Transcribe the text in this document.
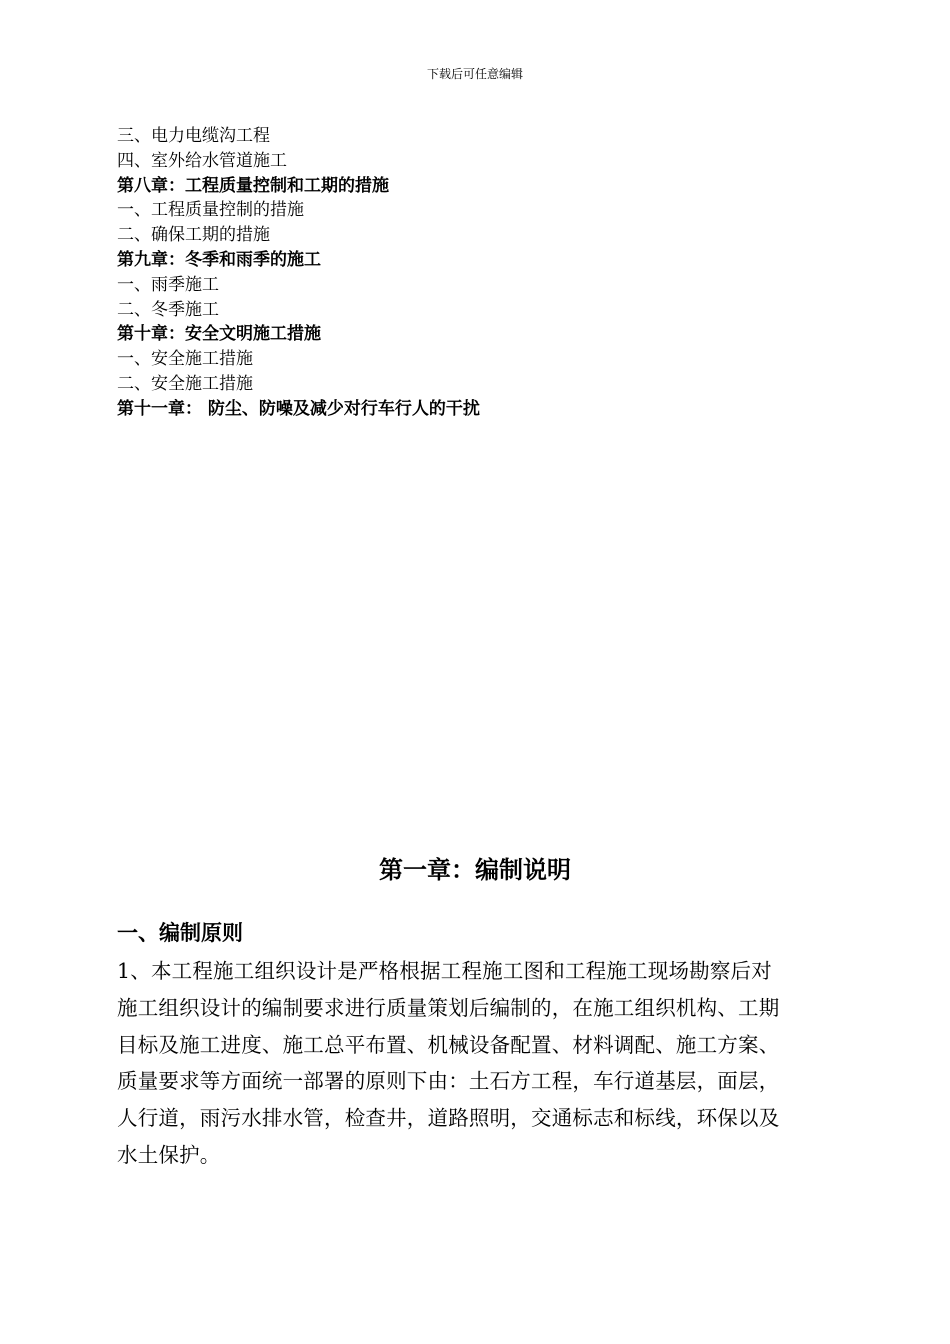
下载后可任意编辑
三、电力电缆沟工程
四、室外给水管道施工
第八章：工程质量控制和工期的措施
一、工程质量控制的措施
二、确保工期的措施
第九章：冬季和雨季的施工
一、雨季施工
二、冬季施工
第十章：安全文明施工措施
一、安全施工措施
二、安全施工措施
第十一章： 防尘、防噪及减少对行车行人的干扰
第一章：编制说明
一、编制原则
1、本工程施工组织设计是严格根据工程施工图和工程施工现场勘察后对
施工组织设计的编制要求进行质量策划后编制的，在施工组织机构、工期
目标及施工进度、施工总平布置、机械设备配置、材料调配、施工方案、
质量要求等方面统一部署的原则下由：土石方工程，车行道基层，面层，
人行道，雨污水排水管，检查井，道路照明，交通标志和标线，环保以及
水土保护。
